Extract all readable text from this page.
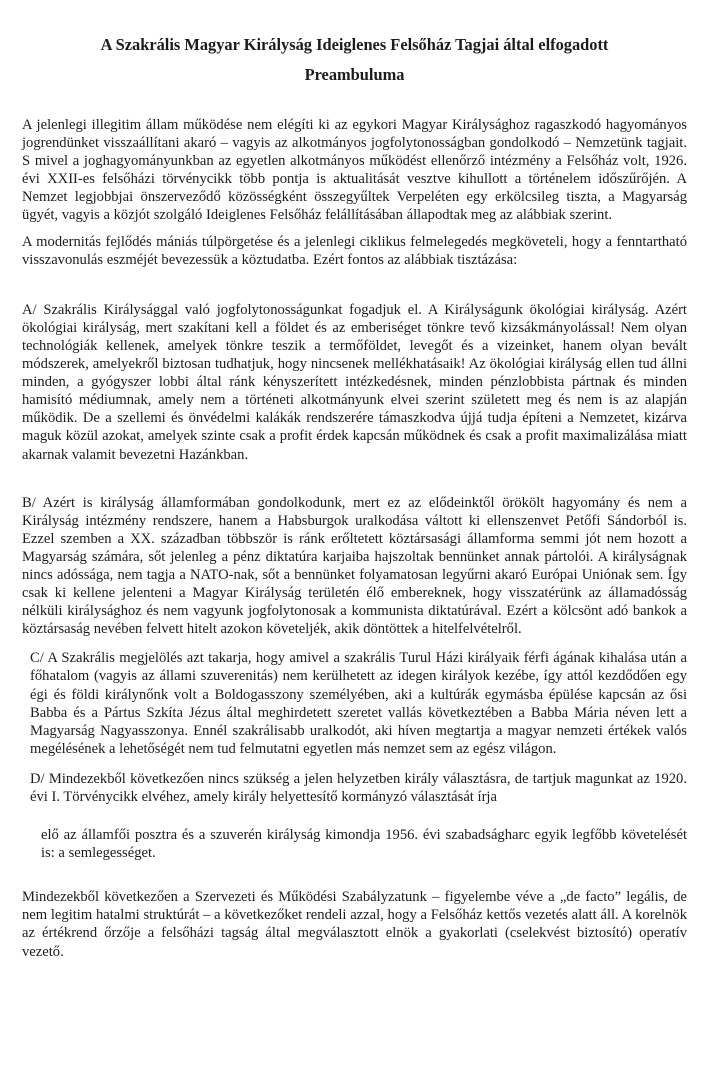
A Szakrális Magyar Királyság Ideiglenes Felsőház Tagjai által elfogadott
Preambuluma

A jelenlegi illegitim állam működése nem elégíti ki az egykori Magyar Királysághoz ragaszkodó hagyományos jogrendünket visszaállítani akaró – vagyis az alkotmányos jogfolytonosságban gondolkodó – Nemzetünk tagjait. S mivel a joghagyományunkban az egyetlen alkotmányos működést ellenőrző intézmény a Felsőház volt, 1926. évi XXII-es felsőházi törvénycikk több pontja is aktualitását vesztve kihullott a történelem időszűrőjén. A Nemzet legjobbjai önszerveződő közösségként összegyűltek Verpeléten egy erkölcsileg tiszta, a Magyarság ügyét, vagyis a közjót szolgáló Ideiglenes Felsőház felállításában állapodtak meg az alábbiak szerint.

A modernitás fejlődés mániás túlpörgetése és a jelenlegi ciklikus felmelegedés megköveteli, hogy a fenntartható visszavonulás eszméjét bevezessük a köztudatba. Ezért fontos az alábbiak tisztázása:

A/ Szakrális Királysággal való jogfolytonosságunkat fogadjuk el. A Királyságunk ökológiai királyság. Azért ökológiai királyság, mert szakítani kell a földet és az emberiséget tönkre tevő kizsákmányolással! Nem olyan technológiák kellenek, amelyek tönkre teszik a termőföldet, levegőt és a vizeinket, hanem olyan bevált módszerek, amelyekről biztosan tudhatjuk, hogy nincsenek mellékhatásaik! Az ökológiai királyság ellen tud állni minden, a gyógyszer lobbi által ránk kényszerített intézkedésnek, minden pénzlobbista pártnak és minden hamisító médiumnak, amely nem a történeti alkotmányunk elvei szerint született meg és nem is az alapján működik. De a szellemi és önvédelmi kalákák rendszerére támaszkodva újjá tudja építeni a Nemzetet, kizárva maguk közül azokat, amelyek szinte csak a profit érdek kapcsán működnek és csak a profit maximalizálása miatt akarnak valamit bevezetni Hazánkban.

B/ Azért is királyság államformában gondolkodunk, mert ez az elődeinktől örökölt hagyomány és nem a Királyság intézmény rendszere, hanem a Habsburgok uralkodása váltott ki ellenszenvet Petőfi Sándorból is. Ezzel szemben a XX. században többször is ránk erőltetett köztársasági államforma semmi jót nem hozott a Magyarság számára, sőt jelenleg a pénz diktatúra karjaiba hajszoltak bennünket annak pártolói. A királyságnak nincs adóssága, nem tagja a NATO-nak, sőt a bennünket folyamatosan legyűrni akaró Európai Uniónak sem. Így csak ki kellene jelenteni a Magyar Királyság területén élő embereknek, hogy visszatérünk az államadósság nélküli királysághoz és nem vagyunk jogfolytonosak a kommunista diktatúrával. Ezért a kölcsönt adó bankok a köztársaság nevében felvett hitelt azokon követeljék, akik döntöttek a hitelfelvételről.

C/ A Szakrális megjelölés azt takarja, hogy amivel a szakrális Turul Házi királyaik férfi ágának kihalása után a főhatalom (vagyis az állami szuverenitás) nem kerülhetett az idegen királyok kezébe, így attól kezdődően egy égi és földi királynőnk volt a Boldogasszony személyében, aki a kultúrák egymásba épülése kapcsán az ősi Babba és a Pártus Szkíta Jézus által meghirdetett szeretet vallás következtében a Babba Mária néven lett a Magyarság Nagyasszonya. Ennél szakrálisabb uralkodót, aki híven megtartja a magyar nemzeti értékek valós megélésének a lehetőségét nem tud felmutatni egyetlen más nemzet sem az egész világon.

D/ Mindezekből következően nincs szükség a jelen helyzetben király választásra, de tartjuk magunkat az 1920. évi I. Törvénycikk elvéhez, amely király helyettesítő kormányzó választását írja

elő az államfői posztra és a szuverén királyság kimondja 1956. évi szabadságharc egyik legfőbb követelését is: a semlegességet.

Mindezekből következően a Szervezeti és Működési Szabályzatunk – figyelembe véve a „de facto” legális, de nem legitim hatalmi struktúrát – a következőket rendeli azzal, hogy a Felsőház kettős vezetés alatt áll. A korelnök az értékrend őrzője a felsőházi tagság által megválasztott elnök a gyakorlati (cselekvést biztosító) operatív vezető.
